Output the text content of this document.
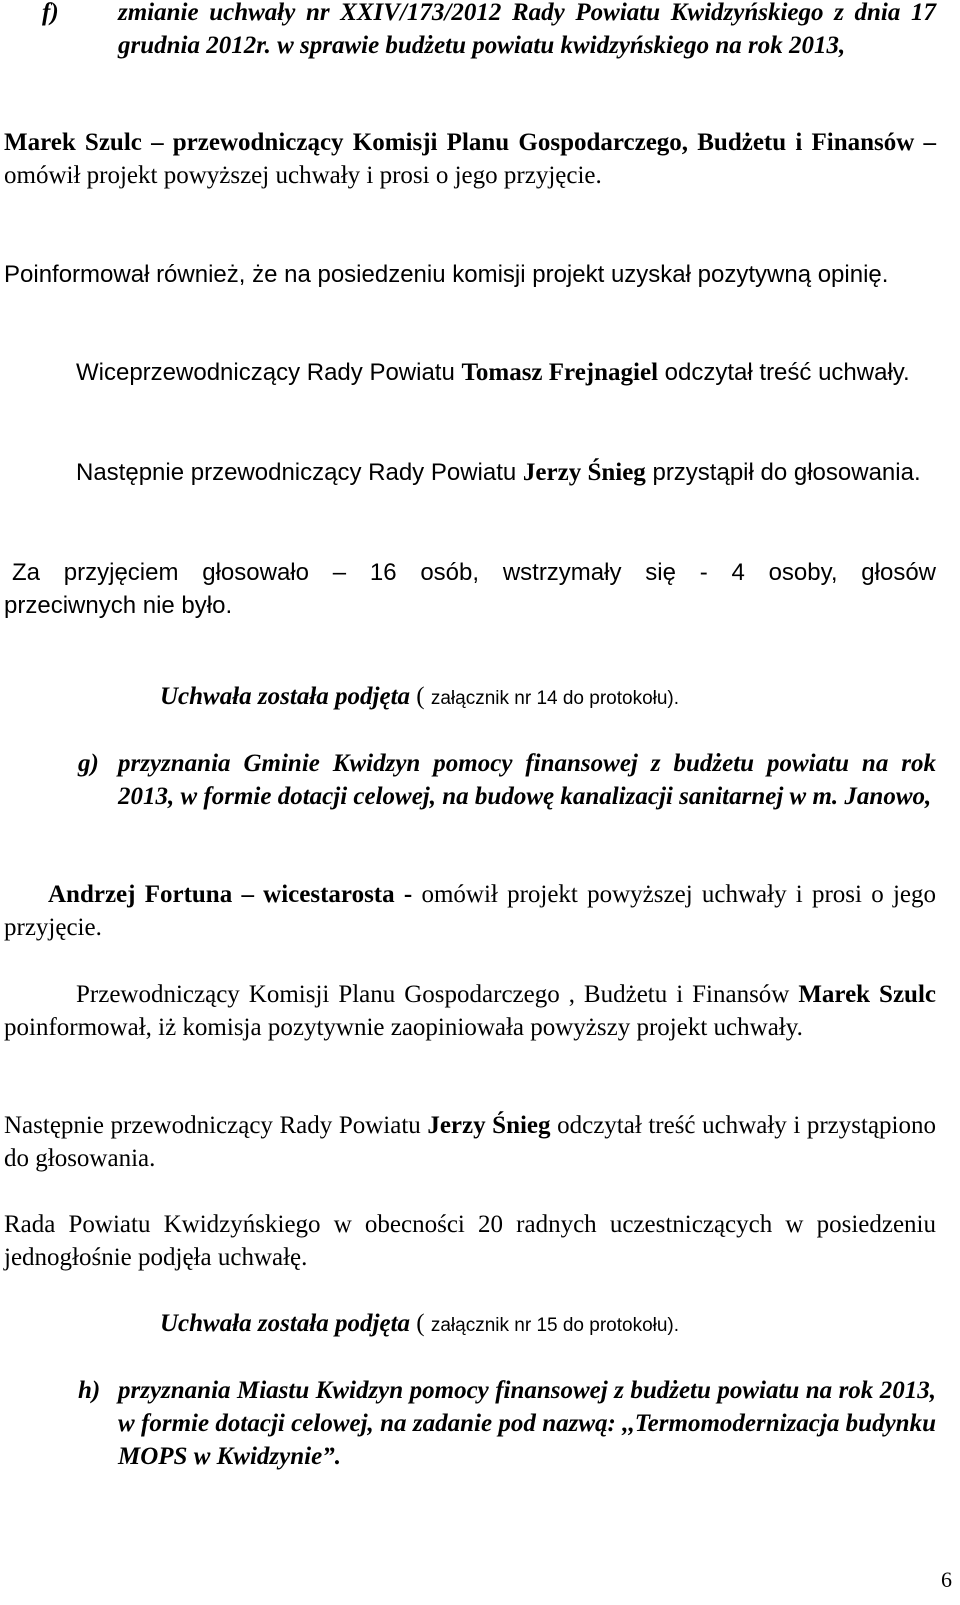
f) zmianie uchwały nr XXIV/173/2012 Rady Powiatu Kwidzyńskiego z dnia 17 grudnia 2012r. w sprawie budżetu powiatu kwidzyńskiego na rok 2013,

Marek Szulc – przewodniczący Komisji Planu Gospodarczego, Budżetu i Finansów – omówił projekt powyższej uchwały i prosi o jego przyjęcie.

Poinformował również, że na posiedzeniu komisji projekt uzyskał pozytywną opinię.

Wiceprzewodniczący Rady Powiatu Tomasz Frejnagiel odczytał treść uchwały.

Następnie przewodniczący Rady Powiatu Jerzy Śnieg przystąpił do głosowania.

Za przyjęciem głosowało – 16 osób, wstrzymały się - 4 osoby, głosów

przeciwnych nie było.

Uchwała została podjęta ( załącznik nr 14 do protokołu).

g) przyznania Gminie Kwidzyn pomocy finansowej z budżetu powiatu na rok 2013, w formie dotacji celowej, na budowę kanalizacji sanitarnej w m. Janowo,

Andrzej Fortuna – wicestarosta - omówił projekt powyższej uchwały i prosi o jego przyjęcie.

Przewodniczący Komisji Planu Gospodarczego , Budżetu i Finansów Marek Szulc poinformował, iż komisja pozytywnie zaopiniowała powyższy projekt uchwały.

Następnie przewodniczący Rady Powiatu Jerzy Śnieg odczytał treść uchwały i przystąpiono do głosowania.

Rada Powiatu Kwidzyńskiego w obecności 20 radnych uczestniczących w posiedzeniu jednogłośnie podjęła uchwałę.

Uchwała została podjęta ( załącznik nr 15 do protokołu).

h) przyznania Miastu Kwidzyn pomocy finansowej z budżetu powiatu na rok 2013, w formie dotacji celowej, na zadanie pod nazwą: ,,Termomodernizacja budynku MOPS w Kwidzynie”.

6
